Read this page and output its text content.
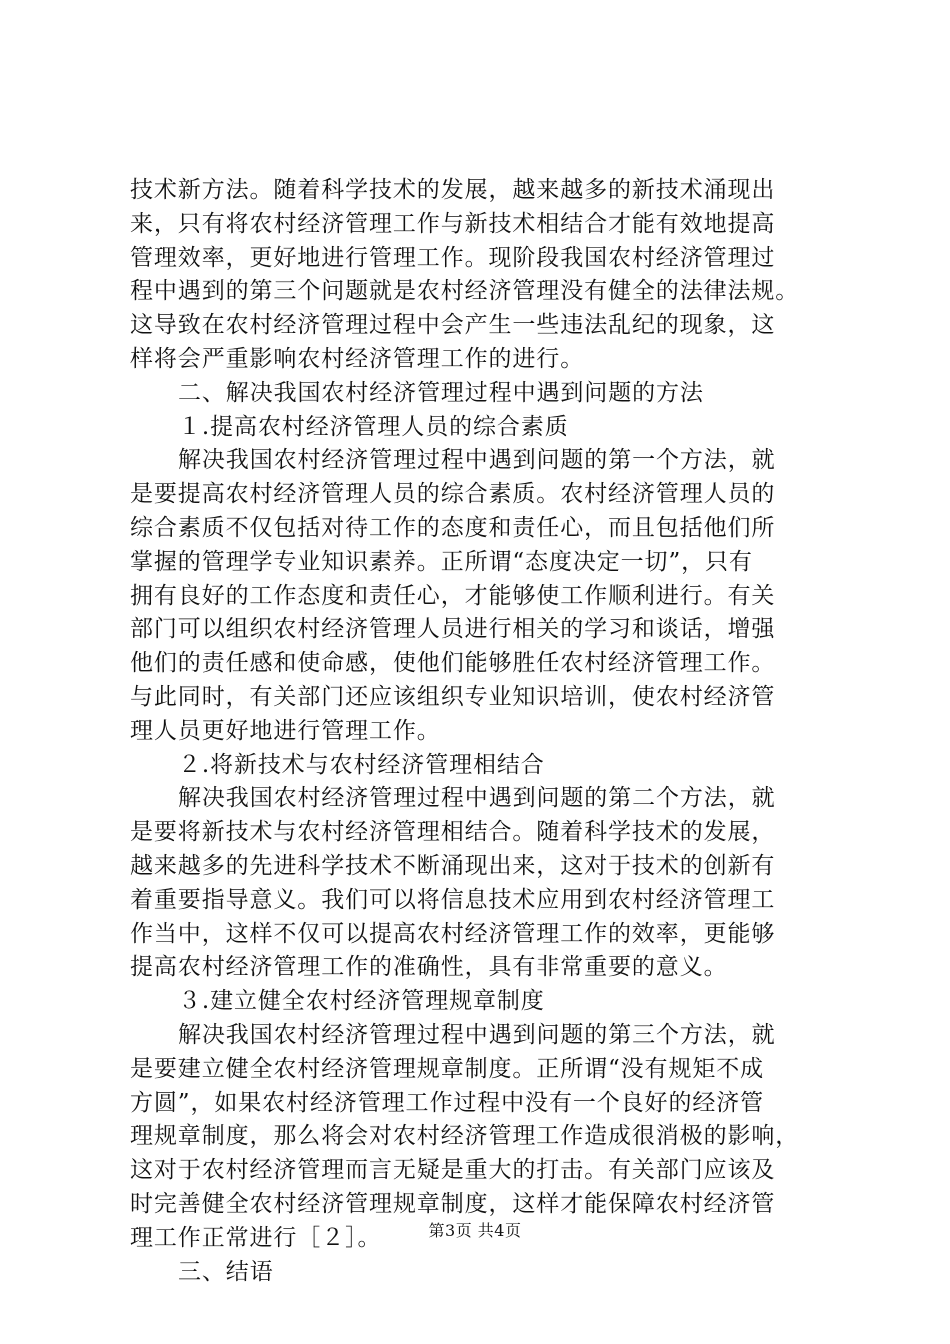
技术新方法。随着科学技术的发展，越来越多的新技术涌现出
来，只有将农村经济管理工作与新技术相结合才能有效地提高
管理效率，更好地进行管理工作。现阶段我国农村经济管理过
程中遇到的第三个问题就是农村经济管理没有健全的法律法规。
这导致在农村经济管理过程中会产生一些违法乱纪的现象，这
样将会严重影响农村经济管理工作的进行。
二、解决我国农村经济管理过程中遇到问题的方法
１.提高农村经济管理人员的综合素质
解决我国农村经济管理过程中遇到问题的第一个方法，就
是要提高农村经济管理人员的综合素质。农村经济管理人员的
综合素质不仅包括对待工作的态度和责任心，而且包括他们所
掌握的管理学专业知识素养。正所谓“态度决定一切”，只有
拥有良好的工作态度和责任心，才能够使工作顺利进行。有关
部门可以组织农村经济管理人员进行相关的学习和谈话，增强
他们的责任感和使命感，使他们能够胜任农村经济管理工作。
与此同时，有关部门还应该组织专业知识培训，使农村经济管
理人员更好地进行管理工作。
２.将新技术与农村经济管理相结合
解决我国农村经济管理过程中遇到问题的第二个方法，就
是要将新技术与农村经济管理相结合。随着科学技术的发展，
越来越多的先进科学技术不断涌现出来，这对于技术的创新有
着重要指导意义。我们可以将信息技术应用到农村经济管理工
作当中，这样不仅可以提高农村经济管理工作的效率，更能够
提高农村经济管理工作的准确性，具有非常重要的意义。
３.建立健全农村经济管理规章制度
解决我国农村经济管理过程中遇到问题的第三个方法，就
是要建立健全农村经济管理规章制度。正所谓“没有规矩不成
方圆”，如果农村经济管理工作过程中没有一个良好的经济管
理规章制度，那么将会对农村经济管理工作造成很消极的影响，
这对于农村经济管理而言无疑是重大的打击。有关部门应该及
时完善健全农村经济管理规章制度，这样才能保障农村经济管
理工作正常进行［２］。
三、结语
第3页 共4页
